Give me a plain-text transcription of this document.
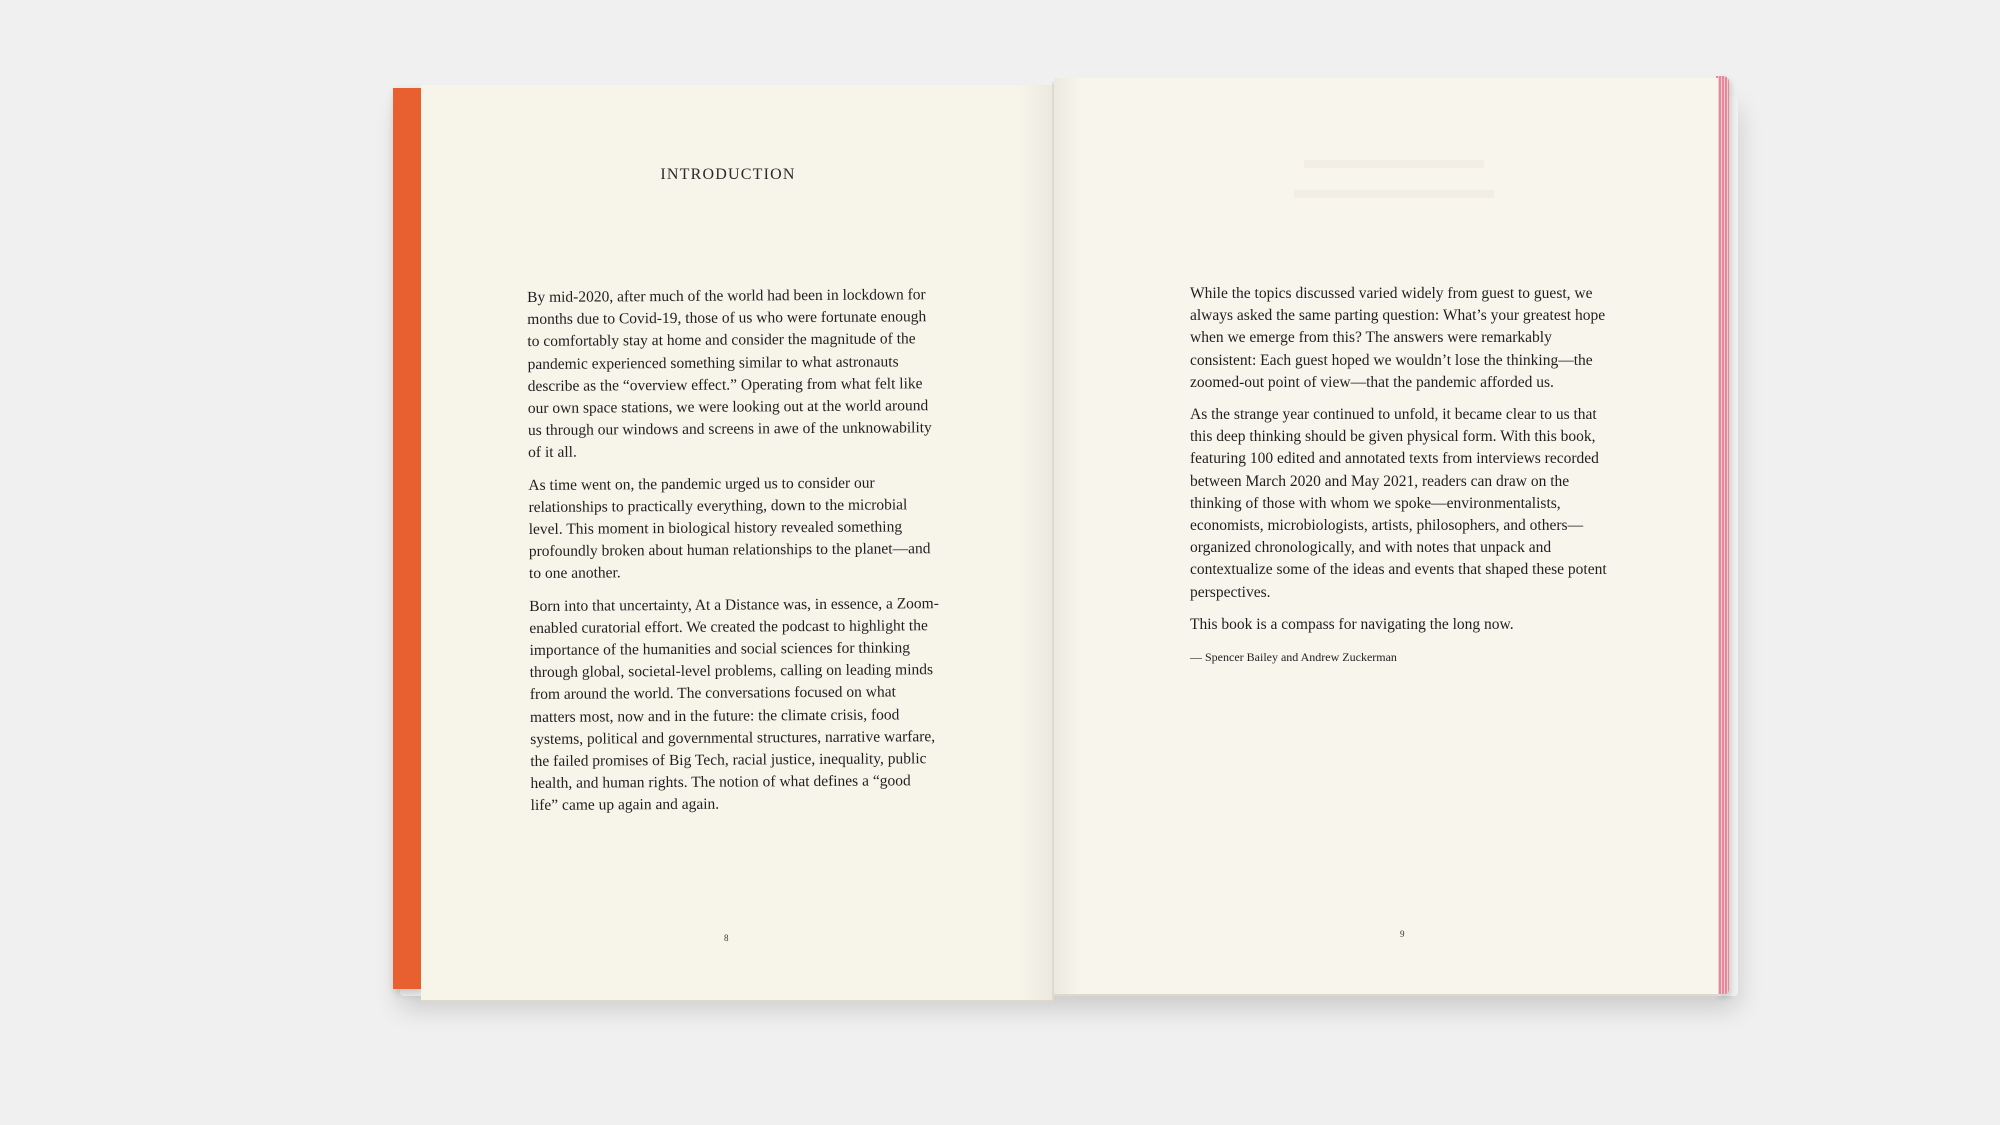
INTRODUCTION

By mid-2020, after much of the world had been in lockdown for months due to Covid-19, those of us who were fortunate enough to comfortably stay at home and consider the magnitude of the pandemic experienced something similar to what astronauts describe as the “overview effect.” Operating from what felt like our own space stations, we were looking out at the world around us through our windows and screens in awe of the unknowability of it all.

As time went on, the pandemic urged us to consider our relationships to practically everything, down to the microbial level. This moment in biological history revealed something profoundly broken about human relationships to the planet—and to one another.

Born into that uncertainty, At a Distance was, in essence, a Zoom-enabled curatorial effort. We created the podcast to highlight the importance of the humanities and social sciences for thinking through global, societal-level problems, calling on leading minds from around the world. The conversations focused on what matters most, now and in the future: the climate crisis, food systems, political and governmental structures, narrative warfare, the failed promises of Big Tech, racial justice, inequality, public health, and human rights. The notion of what defines a “good life” came up again and again.

While the topics discussed varied widely from guest to guest, we always asked the same parting question: What’s your greatest hope when we emerge from this? The answers were remarkably consistent: Each guest hoped we wouldn’t lose the thinking—the zoomed-out point of view—that the pandemic afforded us.

As the strange year continued to unfold, it became clear to us that this deep thinking should be given physical form. With this book, featuring 100 edited and annotated texts from interviews recorded between March 2020 and May 2021, readers can draw on the thinking of those with whom we spoke—environmentalists, economists, microbiologists, artists, philosophers, and others—organized chronologically, and with notes that unpack and contextualize some of the ideas and events that shaped these potent perspectives.

This book is a compass for navigating the long now.

— Spencer Bailey and Andrew Zuckerman
8	9
